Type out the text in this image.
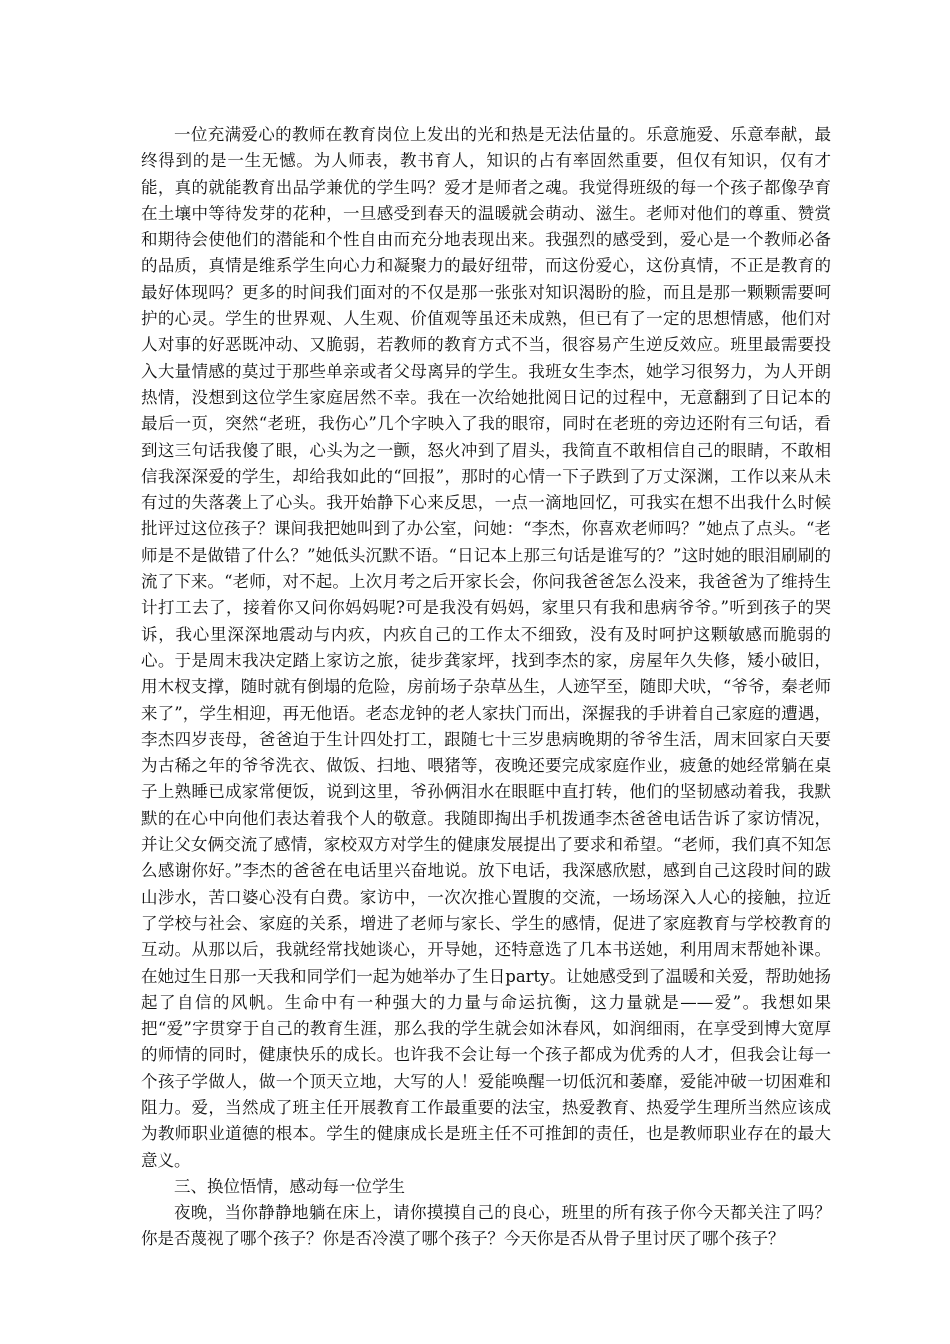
一位充满爱心的教师在教育岗位上发出的光和热是无法估量的。乐意施爱、乐意奉献，最终得到的是一生无憾。为人师表，教书育人，知识的占有率固然重要，但仅有知识，仅有才能，真的就能教育出品学兼优的学生吗？爱才是师者之魂。我觉得班级的每一个孩子都像孕育在土壤中等待发芽的花种，一旦感受到春天的温暖就会萌动、滋生。老师对他们的尊重、赞赏和期待会使他们的潜能和个性自由而充分地表现出来。我强烈的感受到，爱心是一个教师必备的品质，真情是维系学生向心力和凝聚力的最好纽带，而这份爱心，这份真情，不正是教育的最好体现吗？更多的时间我们面对的不仅是那一张张对知识渴盼的脸，而且是那一颗颗需要呵护的心灵。学生的世界观、人生观、价值观等虽还未成熟，但已有了一定的思想情感，他们对人对事的好恶既冲动、又脆弱，若教师的教育方式不当，很容易产生逆反效应。班里最需要投入大量情感的莫过于那些单亲或者父母离异的学生。我班女生李杰，她学习很努力，为人开朗热情，没想到这位学生家庭居然不幸。我在一次给她批阅日记的过程中，无意翻到了日记本的最后一页，突然“老班，我伤心”几个字映入了我的眼帘，同时在老班的旁边还附有三句话，看到这三句话我傻了眼，心头为之一颤，怒火冲到了眉头，我简直不敢相信自己的眼睛，不敢相信我深深爱的学生，却给我如此的“回报”，那时的心情一下子跌到了万丈深渊，工作以来从未有过的失落袭上了心头。我开始静下心来反思，一点一滴地回忆，可我实在想不出我什么时候批评过这位孩子？课间我把她叫到了办公室，问她：“李杰，你喜欢老师吗？”她点了点头。“老师是不是做错了什么？”她低头沉默不语。“日记本上那三句话是谁写的？”这时她的眼泪刷刷的流了下来。“老师，对不起。上次月考之后开家长会，你问我爸爸怎么没来，我爸爸为了维持生计打工去了，接着你又问你妈妈呢?可是我没有妈妈，家里只有我和患病爷爷。”听到孩子的哭诉，我心里深深地震动与内疚，内疚自己的工作太不细致，没有及时呵护这颗敏感而脆弱的心。于是周末我决定踏上家访之旅，徒步龚家坪，找到李杰的家，房屋年久失修，矮小破旧，用木杈支撑，随时就有倒塌的危险，房前场子杂草丛生，人迹罕至，随即犬吠，“爷爷，秦老师来了”，学生相迎，再无他语。老态龙钟的老人家扶门而出，深握我的手讲着自己家庭的遭遇，李杰四岁丧母，爸爸迫于生计四处打工，跟随七十三岁患病晚期的爷爷生活，周末回家白天要为古稀之年的爷爷洗衣、做饭、扫地、喂猪等，夜晚还要完成家庭作业，疲惫的她经常躺在桌子上熟睡已成家常便饭，说到这里，爷孙俩泪水在眼眶中直打转，他们的坚韧感动着我，我默默的在心中向他们表达着我个人的敬意。我随即掏出手机拨通李杰爸爸电话告诉了家访情况，并让父女俩交流了感情，家校双方对学生的健康发展提出了要求和希望。“老师，我们真不知怎么感谢你好。”李杰的爸爸在电话里兴奋地说。放下电话，我深感欣慰，感到自己这段时间的跋山涉水，苦口婆心没有白费。家访中，一次次推心置腹的交流，一场场深入人心的接触，拉近了学校与社会、家庭的关系，增进了老师与家长、学生的感情，促进了家庭教育与学校教育的互动。从那以后，我就经常找她谈心，开导她，还特意选了几本书送她，利用周末帮她补课。在她过生日那一天我和同学们一起为她举办了生日party。让她感受到了温暖和关爱，帮助她扬起了自信的风帆。生命中有一种强大的力量与命运抗衡，这力量就是——爱”。我想如果把“爱”字贯穿于自己的教育生涯，那么我的学生就会如沐春风，如润细雨，在享受到博大宽厚的师情的同时，健康快乐的成长。也许我不会让每一个孩子都成为优秀的人才，但我会让每一个孩子学做人，做一个顶天立地，大写的人！爱能唤醒一切低沉和萎靡，爱能冲破一切困难和阻力。爱，当然成了班主任开展教育工作最重要的法宝，热爱教育、热爱学生理所当然应该成为教师职业道德的根本。学生的健康成长是班主任不可推卸的责任，也是教师职业存在的最大意义。

三、换位悟情，感动每一位学生

夜晚，当你静静地躺在床上，请你摸摸自己的良心，班里的所有孩子你今天都关注了吗？你是否蔑视了哪个孩子？你是否冷漠了哪个孩子？今天你是否从骨子里讨厌了哪个孩子？
